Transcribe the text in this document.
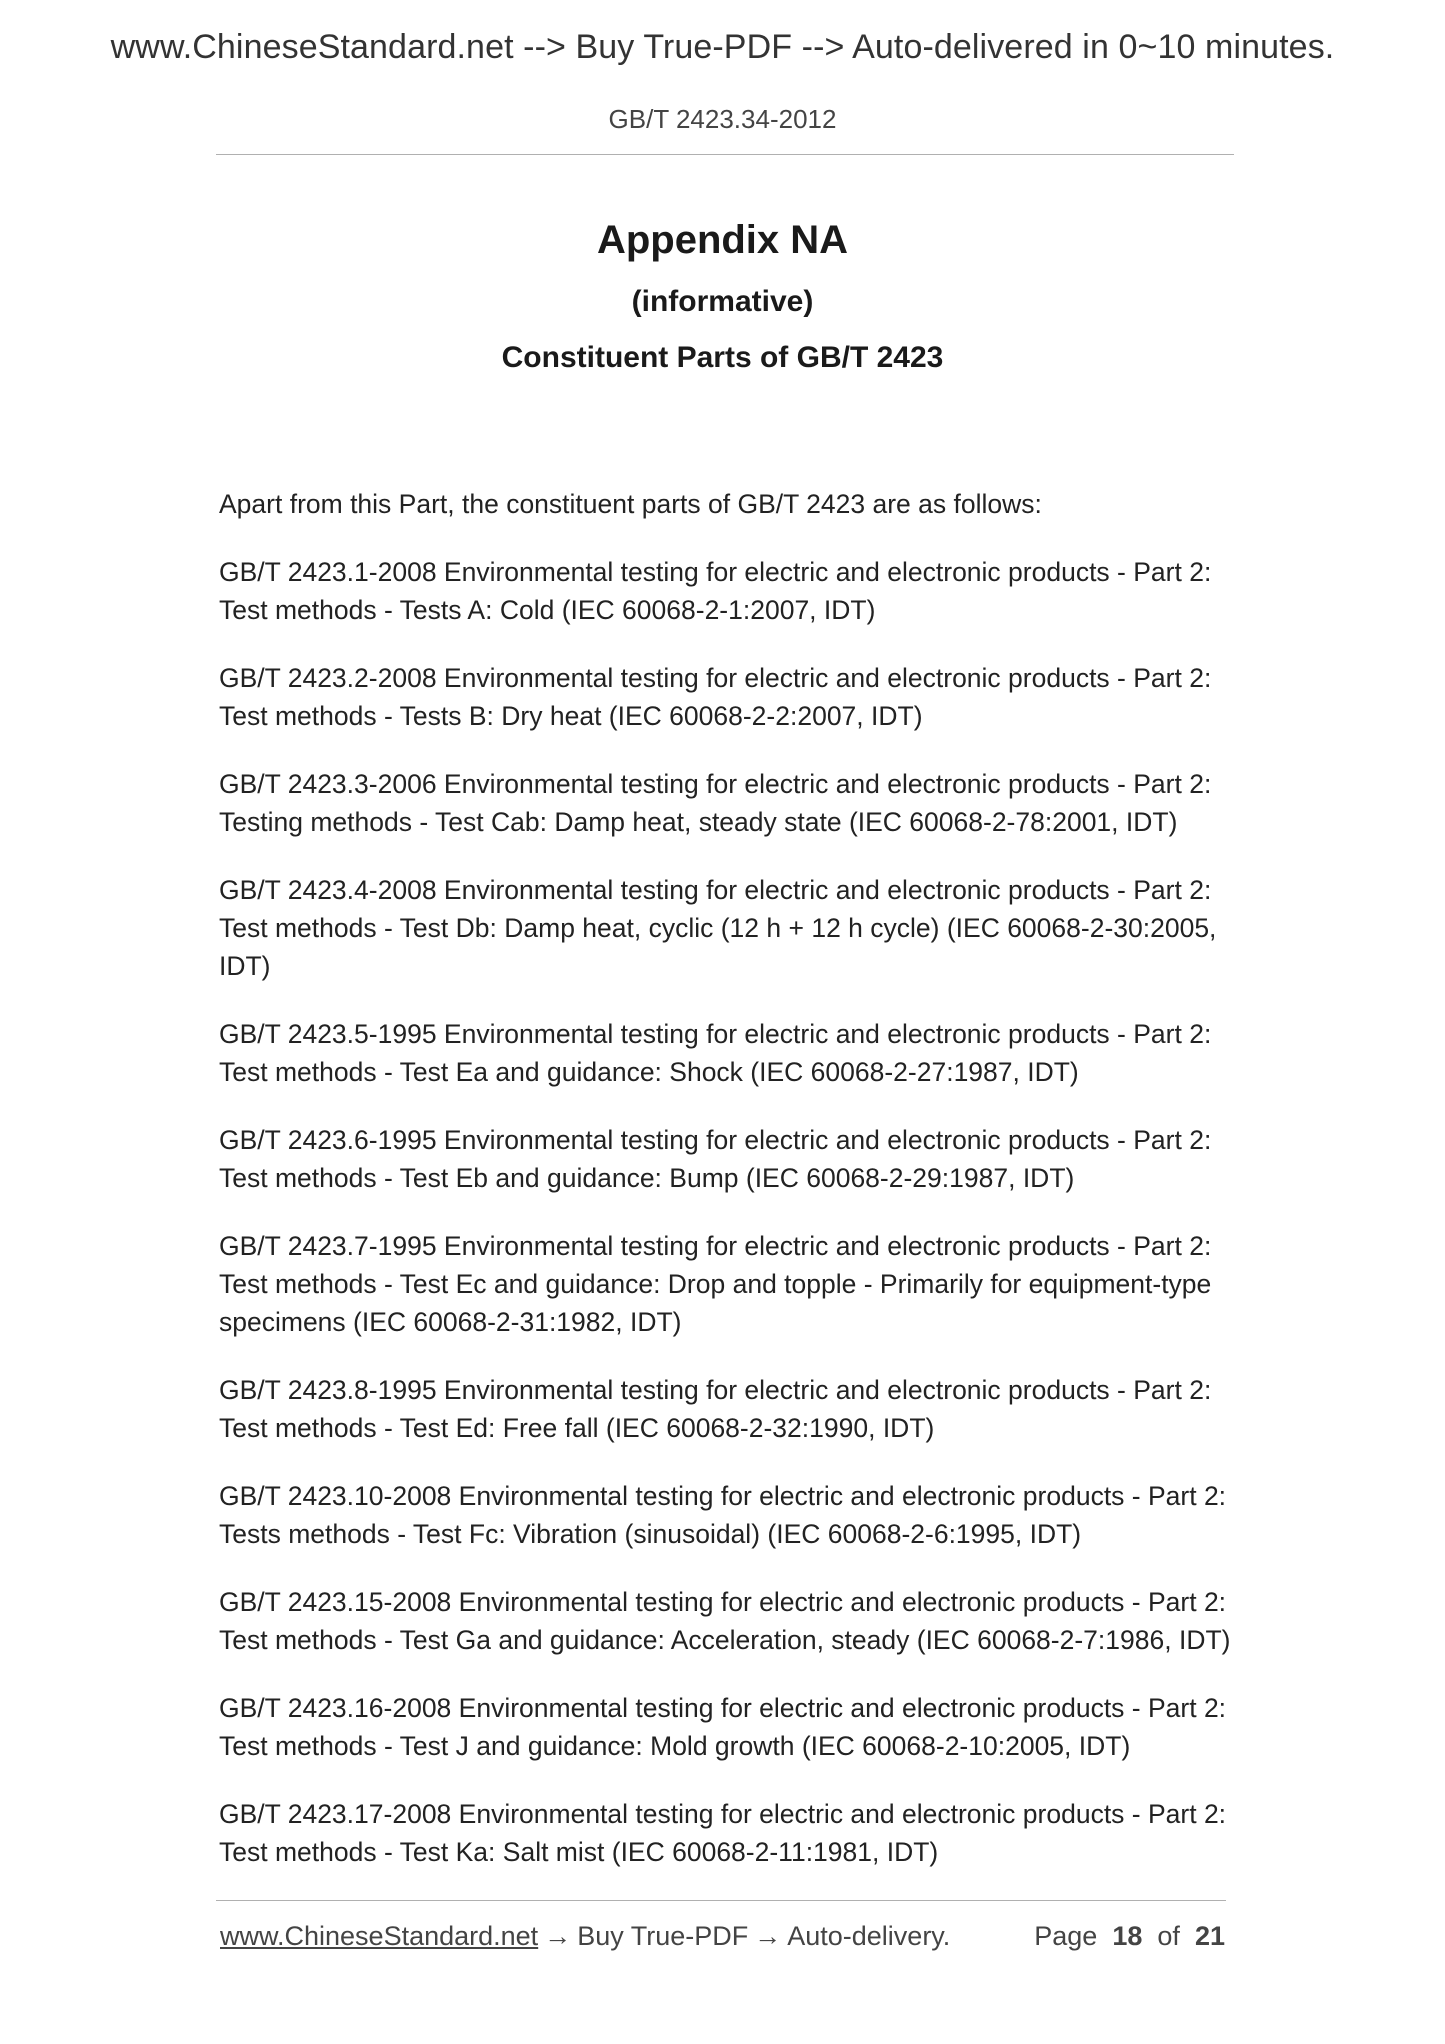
www.ChineseStandard.net --> Buy True-PDF --> Auto-delivered in 0~10 minutes.
GB/T 2423.34-2012
Appendix NA
(informative)
Constituent Parts of GB/T 2423

Apart from this Part, the constituent parts of GB/T 2423 are as follows:

GB/T 2423.1-2008 Environmental testing for electric and electronic products - Part 2: Test methods - Tests A: Cold (IEC 60068-2-1:2007, IDT)
GB/T 2423.2-2008 Environmental testing for electric and electronic products - Part 2: Test methods - Tests B: Dry heat (IEC 60068-2-2:2007, IDT)
GB/T 2423.3-2006 Environmental testing for electric and electronic products - Part 2: Testing methods - Test Cab: Damp heat, steady state (IEC 60068-2-78:2001, IDT)
GB/T 2423.4-2008 Environmental testing for electric and electronic products - Part 2: Test methods - Test Db: Damp heat, cyclic (12 h + 12 h cycle) (IEC 60068-2-30:2005, IDT)
GB/T 2423.5-1995 Environmental testing for electric and electronic products - Part 2: Test methods - Test Ea and guidance: Shock (IEC 60068-2-27:1987, IDT)
GB/T 2423.6-1995 Environmental testing for electric and electronic products - Part 2: Test methods - Test Eb and guidance: Bump (IEC 60068-2-29:1987, IDT)
GB/T 2423.7-1995 Environmental testing for electric and electronic products - Part 2: Test methods - Test Ec and guidance: Drop and topple - Primarily for equipment-type specimens (IEC 60068-2-31:1982, IDT)
GB/T 2423.8-1995 Environmental testing for electric and electronic products - Part 2: Test methods - Test Ed: Free fall (IEC 60068-2-32:1990, IDT)
GB/T 2423.10-2008 Environmental testing for electric and electronic products - Part 2: Tests methods - Test Fc: Vibration (sinusoidal) (IEC 60068-2-6:1995, IDT)
GB/T 2423.15-2008 Environmental testing for electric and electronic products - Part 2: Test methods - Test Ga and guidance: Acceleration, steady (IEC 60068-2-7:1986, IDT)
GB/T 2423.16-2008 Environmental testing for electric and electronic products - Part 2: Test methods - Test J and guidance: Mold growth (IEC 60068-2-10:2005, IDT)
GB/T 2423.17-2008 Environmental testing for electric and electronic products - Part 2: Test methods - Test Ka: Salt mist (IEC 60068-2-11:1981, IDT)
www.ChineseStandard.net → Buy True-PDF → Auto-delivery.	Page 18 of 21
